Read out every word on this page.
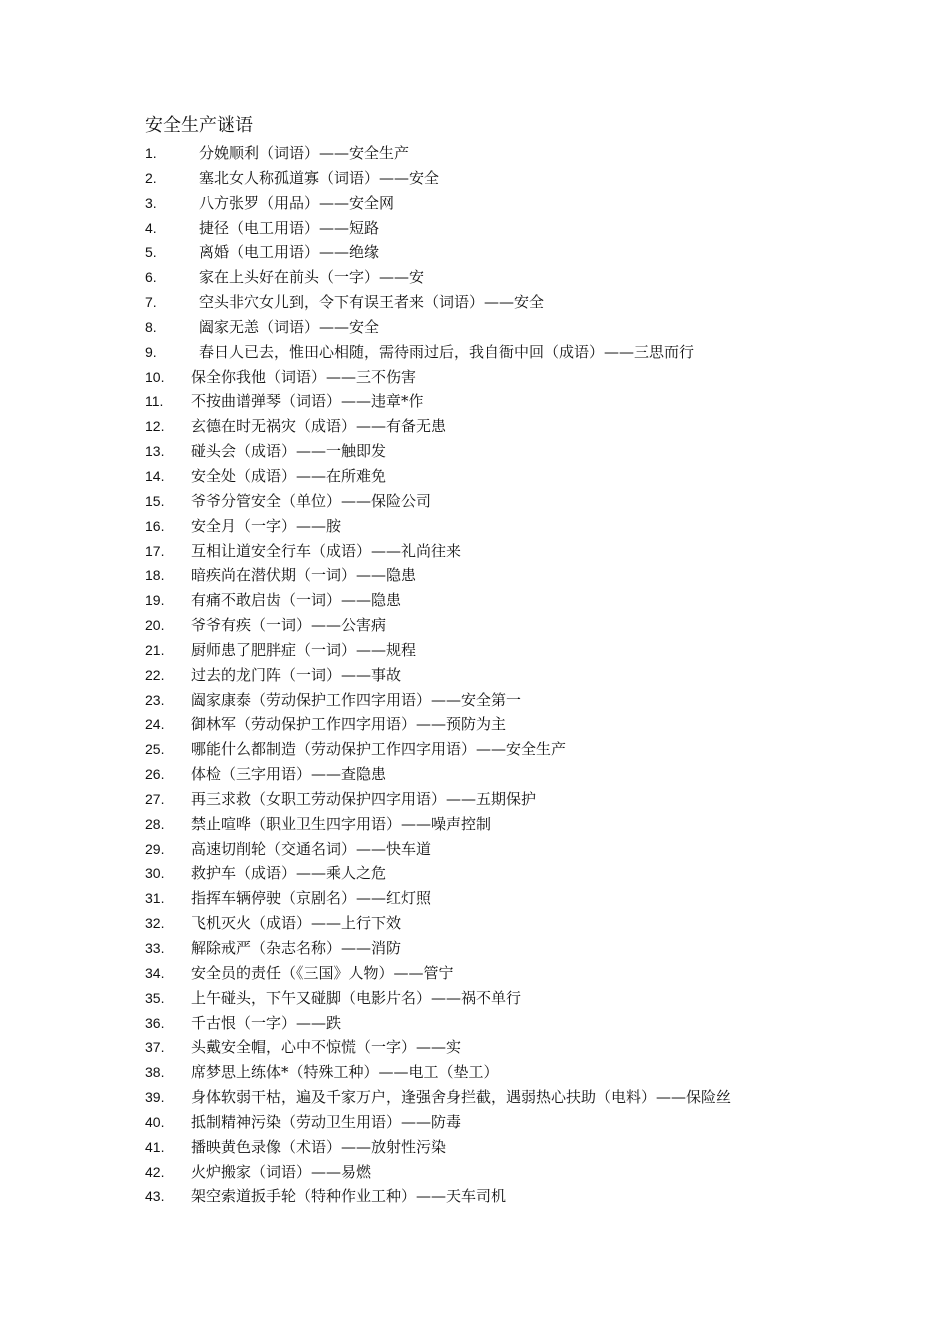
安全生产谜语
1.	分娩顺利（词语）——安全生产
2.	塞北女人称孤道寡（词语）——安全
3.	八方张罗（用品）——安全网
4.	捷径（电工用语）——短路
5.	离婚（电工用语）——绝缘
6.	家在上头好在前头（一字）——安
7.	空头非穴女儿到，令下有误王者来（词语）——安全
8.	阖家无恙（词语）——安全
9.	春日人已去，惟田心相随，需待雨过后，我自衙中回（成语）——三思而行
10. 保全你我他（词语）——三不伤害
11. 不按曲谱弹琴（词语）——违章*作
12. 玄德在时无祸灾（成语）——有备无患
13. 碰头会（成语）——一触即发
14. 安全处（成语）——在所难免
15. 爷爷分管安全（单位）——保险公司
16. 安全月（一字）——胺
17. 互相让道安全行车（成语）——礼尚往来
18. 暗疾尚在潜伏期（一词）——隐患
19. 有痛不敢启齿（一词）——隐患
20. 爷爷有疾（一词）——公害病
21. 厨师患了肥胖症（一词）——规程
22. 过去的龙门阵（一词）——事故
23. 阖家康泰（劳动保护工作四字用语）——安全第一
24. 御林军（劳动保护工作四字用语）——预防为主
25. 哪能什么都制造（劳动保护工作四字用语）——安全生产
26. 体检（三字用语）——查隐患
27. 再三求救（女职工劳动保护四字用语）——五期保护
28. 禁止喧哗（职业卫生四字用语）——噪声控制
29. 高速切削轮（交通名词）——快车道
30. 救护车（成语）——乘人之危
31. 指挥车辆停驶（京剧名）——红灯照
32. 飞机灭火（成语）——上行下效
33. 解除戒严（杂志名称）——消防
34. 安全员的责任（《三国》人物）——管宁
35. 上午碰头，下午又碰脚（电影片名）——祸不单行
36. 千古恨（一字）——跌
37. 头戴安全帽，心中不惊慌（一字）——实
38. 席梦思上练体*（特殊工种）——电工（垫工）
39. 身体软弱干枯，遍及千家万户，逢强舍身拦截，遇弱热心扶助（电料）——保险丝
40. 抵制精神污染（劳动卫生用语）——防毒
41. 播映黄色录像（术语）——放射性污染
42. 火炉搬家（词语）——易燃
43. 架空索道扳手轮（特种作业工种）——天车司机
